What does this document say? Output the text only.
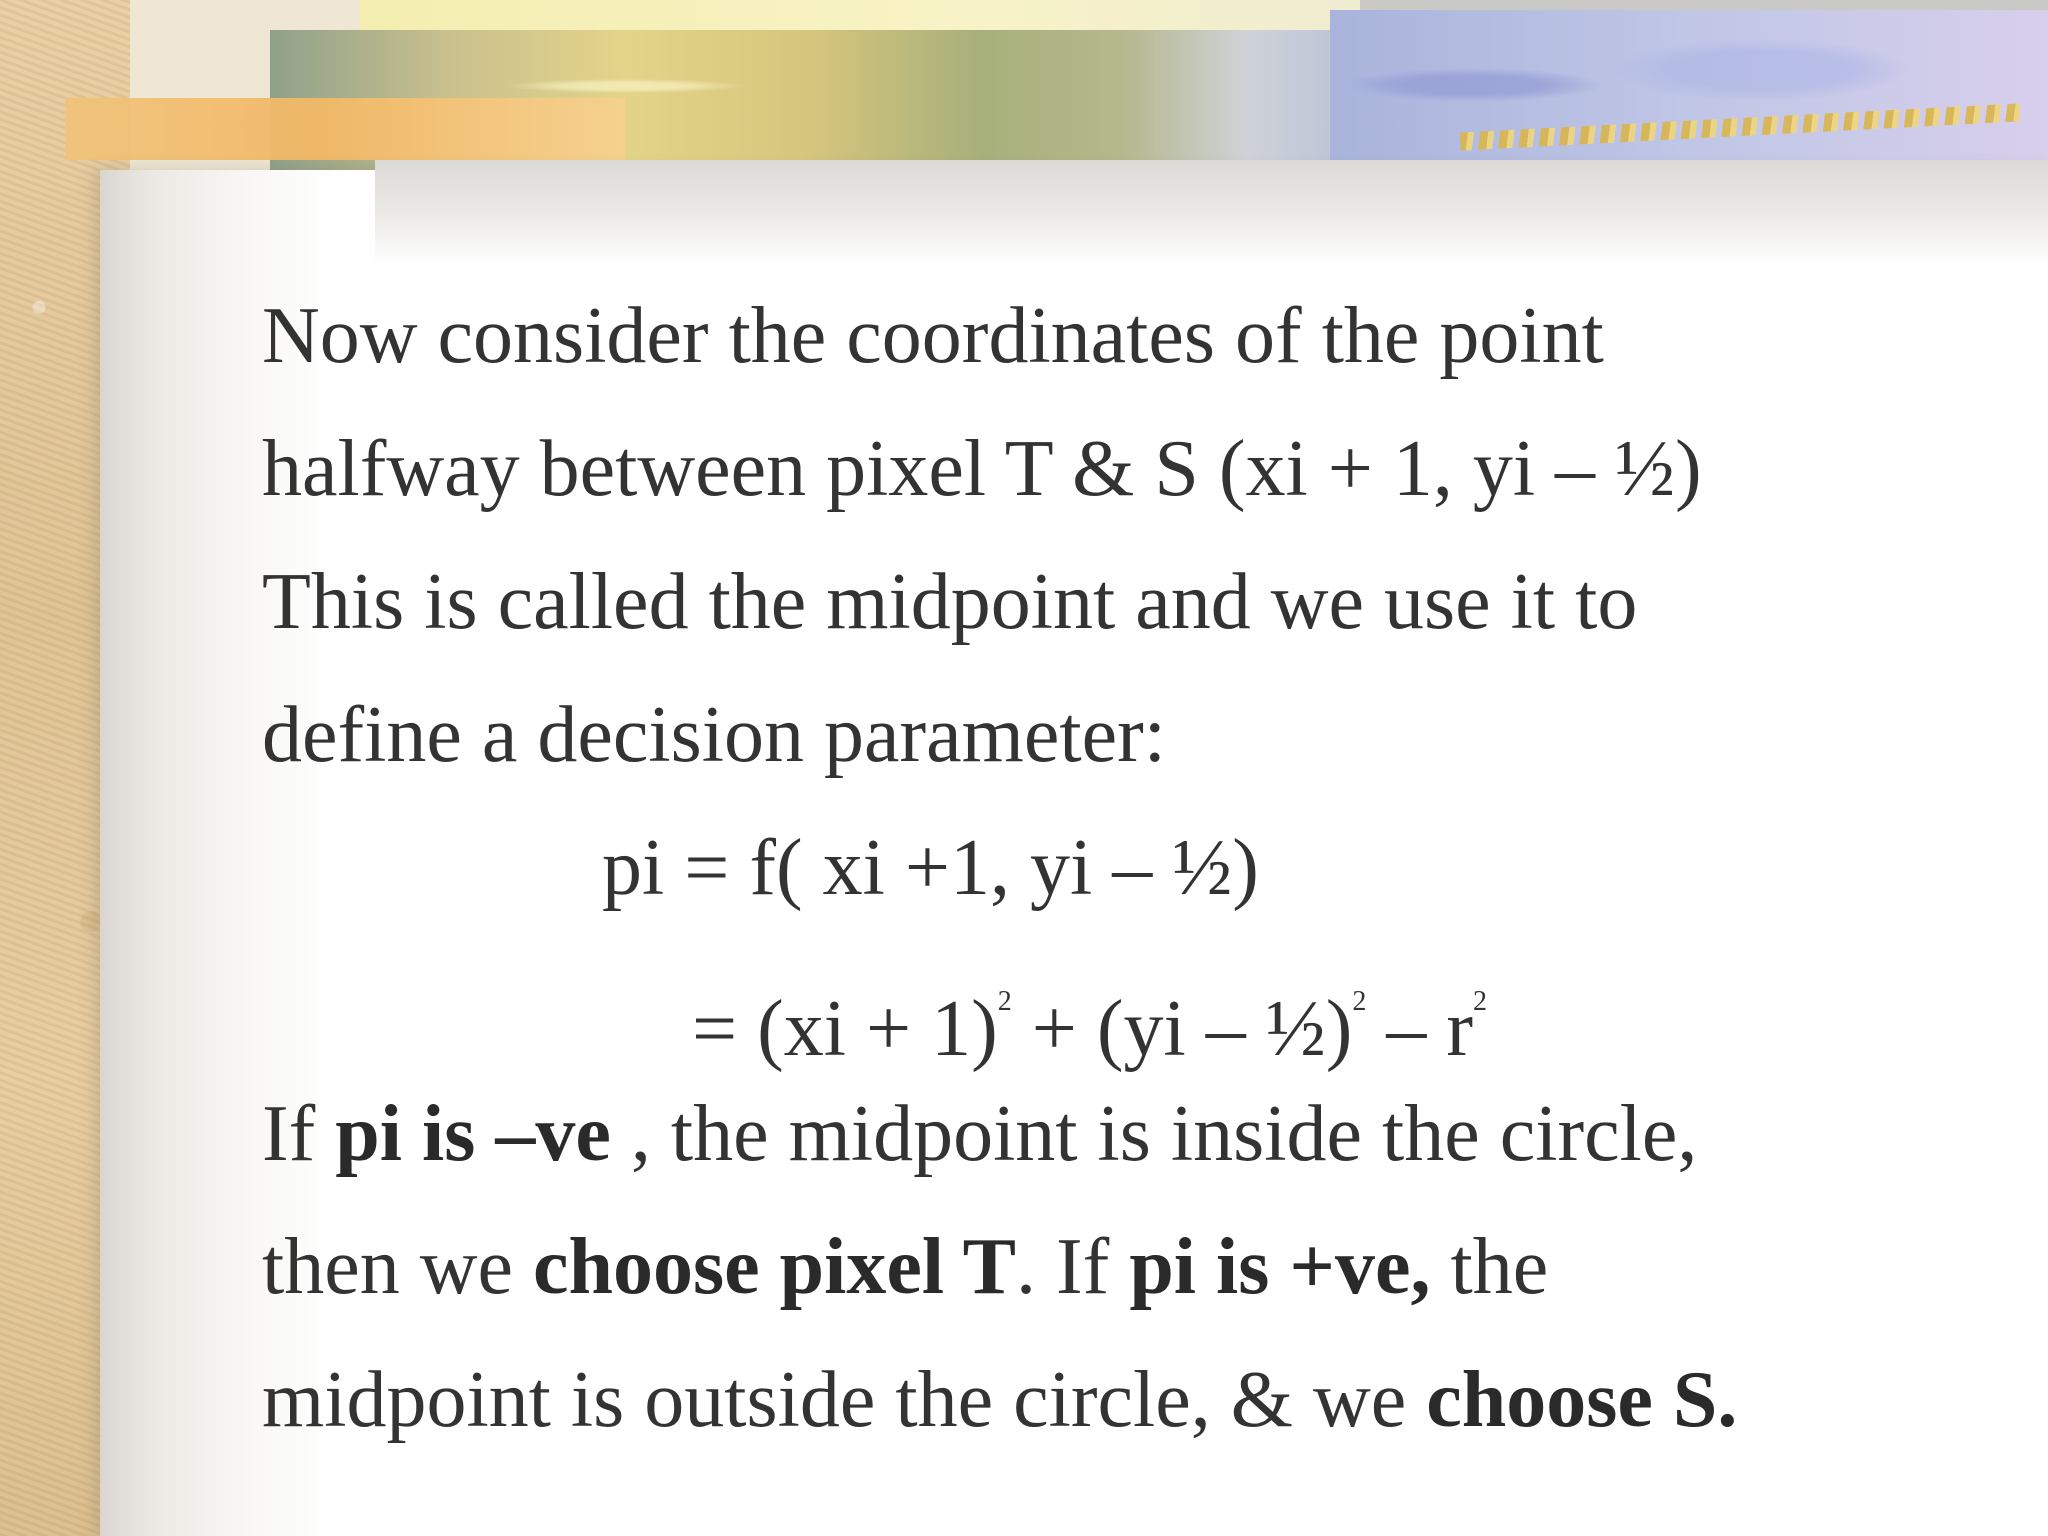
Now consider the coordinates of the point
halfway between pixel T & S (xi + 1, yi – ½)
This is called the midpoint and we use it to
define a decision parameter:
pi = f( xi +1, yi – ½)
= (xi + 1)$^2$ + (yi – ½)$^2$ – $r^2$
If pi is –ve , the midpoint is inside the circle,
then we choose pixel T. If pi is +ve, the
midpoint is outside the circle, & we choose S.
